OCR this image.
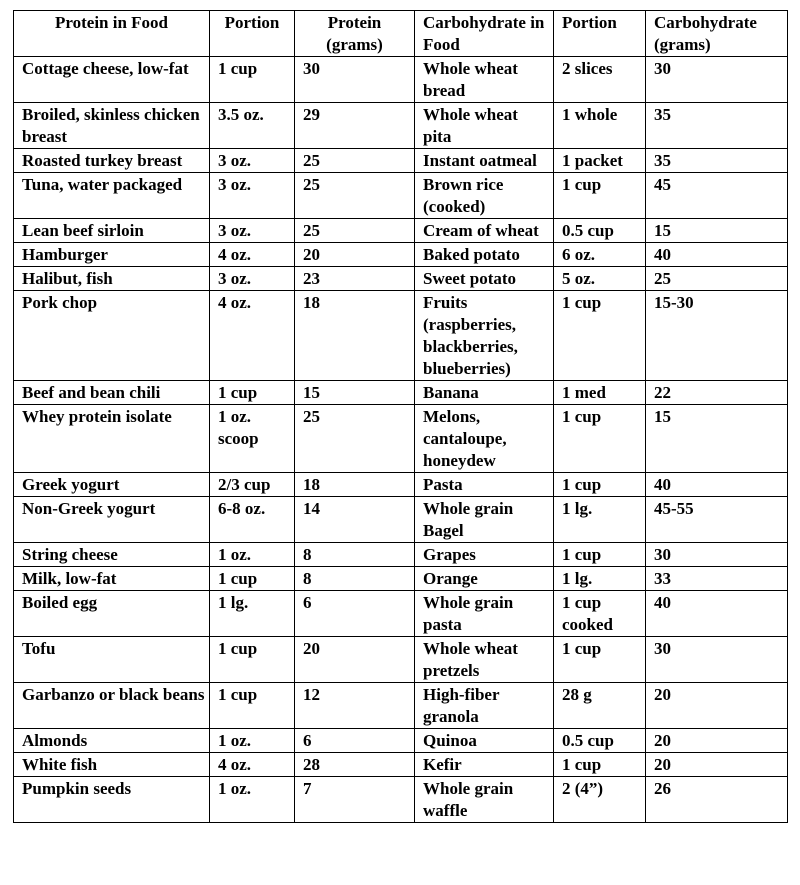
Protein in Food	Portion	Protein (grams)	Carbohydrate in Food	Portion	Carbohydrate (grams)
Cottage cheese, low-fat	1 cup	30	Whole wheat bread	2 slices	30
Broiled, skinless chicken breast	3.5 oz.	29	Whole wheat pita	1 whole	35
Roasted turkey breast	3 oz.	25	Instant oatmeal	1 packet	35
Tuna, water packaged	3 oz.	25	Brown rice (cooked)	1 cup	45
Lean beef sirloin	3 oz.	25	Cream of wheat	0.5 cup	15
Hamburger	4 oz.	20	Baked potato	6 oz.	40
Halibut, fish	3 oz.	23	Sweet potato	5 oz.	25
Pork chop	4 oz.	18	Fruits (raspberries, blackberries, blueberries)	1 cup	15-30
Beef and bean chili	1 cup	15	Banana	1 med	22
Whey protein isolate	1 oz. scoop	25	Melons, cantaloupe, honeydew	1 cup	15
Greek yogurt	2/3 cup	18	Pasta	1 cup	40
Non-Greek yogurt	6-8 oz.	14	Whole grain Bagel	1 lg.	45-55
String cheese	1 oz.	8	Grapes	1 cup	30
Milk, low-fat	1 cup	8	Orange	1 lg.	33
Boiled egg	1 lg.	6	Whole grain pasta	1 cup cooked	40
Tofu	1 cup	20	Whole wheat pretzels	1 cup	30
Garbanzo or black beans	1 cup	12	High-fiber granola	28 g	20
Almonds	1 oz.	6	Quinoa	0.5 cup	20
White fish	4 oz.	28	Kefir	1 cup	20
Pumpkin seeds	1 oz.	7	Whole grain waffle	2 (4”)	26
